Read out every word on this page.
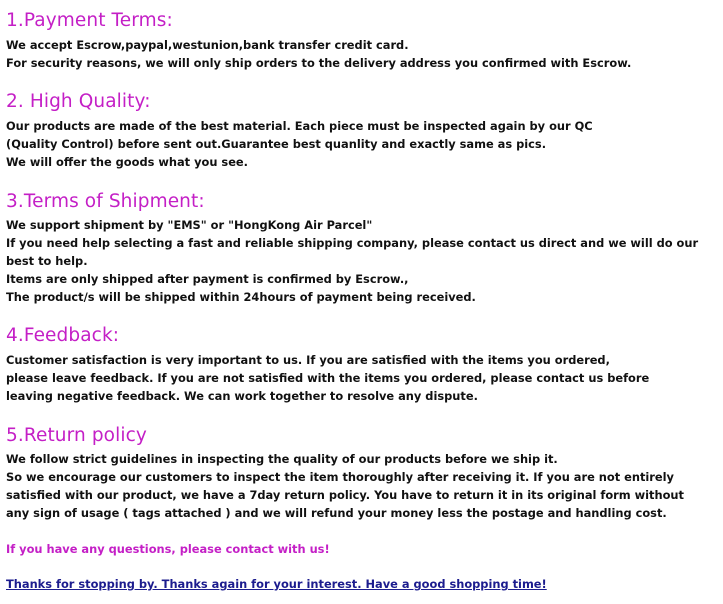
1.Payment Terms:

We accept Escrow,paypal,westunion,bank transfer credit card.

For security reasons, we will only ship orders to the delivery address you confirmed with Escrow.

2. High Quality:

Our products are made of the best material. Each piece must be inspected again by our QC

(Quality Control) before sent out.Guarantee best quanlity and exactly same as pics.

We will offer the goods what you see.

3.Terms of Shipment:

We support shipment by "EMS" or "HongKong Air Parcel"

If you need help selecting a fast and reliable shipping company, please contact us direct and we will do our

best to help.

Items are only shipped after payment is confirmed by Escrow.,

The product/s will be shipped within 24hours of payment being received.

4.Feedback:

Customer satisfaction is very important to us. If you are satisfied with the items you ordered,

please leave feedback. If you are not satisfied with the items you ordered, please contact us before

leaving negative feedback. We can work together to resolve any dispute.

5.Return policy

We follow strict guidelines in inspecting the quality of our products before we ship it.

So we encourage our customers to inspect the item thoroughly after receiving it. If you are not entirely

satisfied with our product, we have a 7day return policy. You have to return it in its original form without

any sign of usage ( tags attached ) and we will refund your money less the postage and handling cost.

If you have any questions, please contact with us!

Thanks for stopping by. Thanks again for your interest. Have a good shopping time!
